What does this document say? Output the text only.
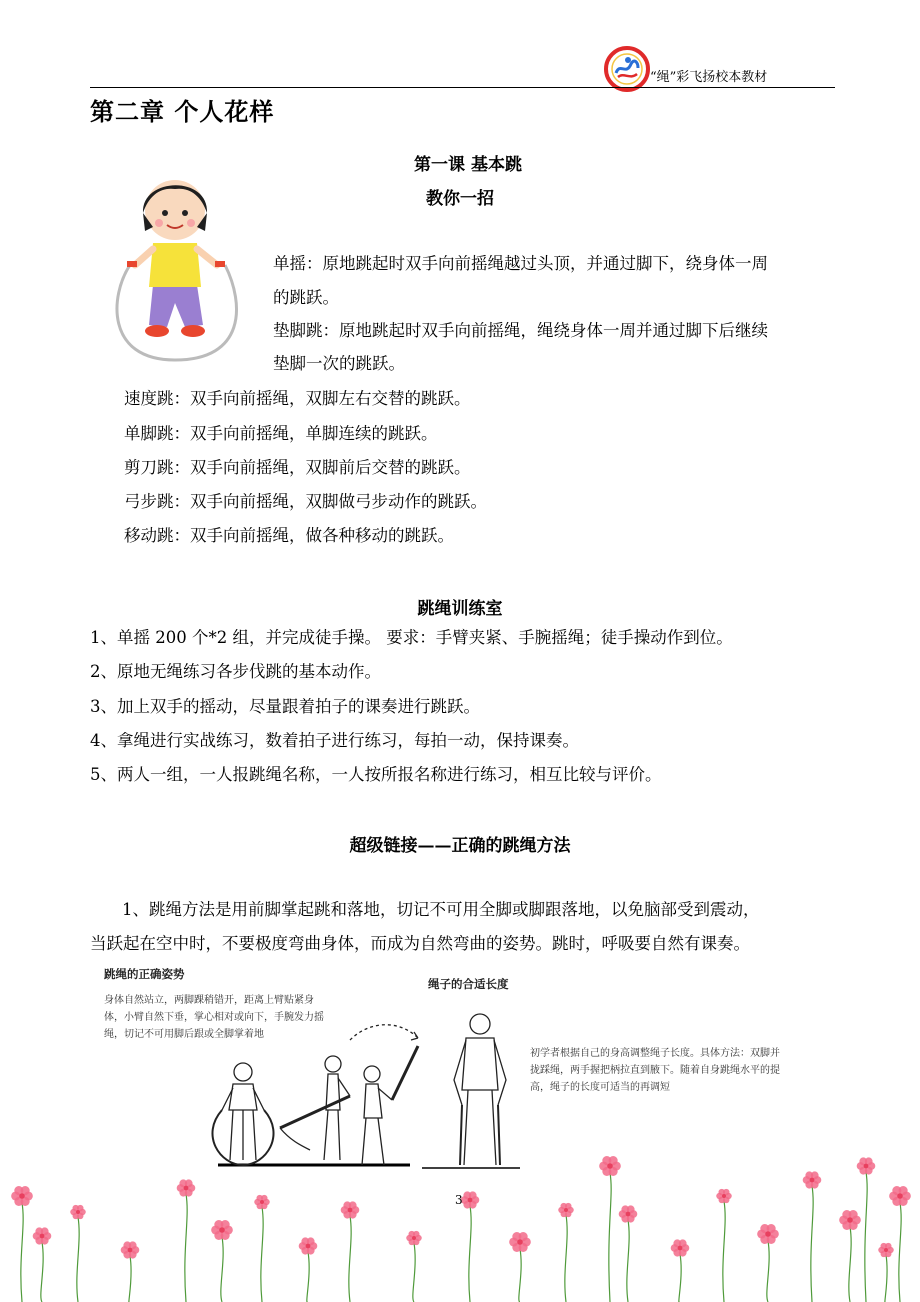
“绳”彩飞扬校本教材
第二章 个人花样
第一课 基本跳
教你一招
单摇：原地跳起时双手向前摇绳越过头顶，并通过脚下，绕身体一周
的跳跃。
垫脚跳：原地跳起时双手向前摇绳，绳绕身体一周并通过脚下后继续
垫脚一次的跳跃。
速度跳：双手向前摇绳，双脚左右交替的跳跃。
单脚跳：双手向前摇绳，单脚连续的跳跃。
剪刀跳：双手向前摇绳，双脚前后交替的跳跃。
弓步跳：双手向前摇绳，双脚做弓步动作的跳跃。
移动跳：双手向前摇绳，做各种移动的跳跃。
跳绳训练室
1、单摇 200 个*2 组，并完成徒手操。 要求：手臂夹紧、手腕摇绳；徒手操动作到位。
2、原地无绳练习各步伐跳的基本动作。
3、加上双手的摇动，尽量跟着拍子的课奏进行跳跃。
4、拿绳进行实战练习，数着拍子进行练习，每拍一动，保持课奏。
5、两人一组，一人报跳绳名称，一人按所报名称进行练习，相互比较与评价。
超级链接——正确的跳绳方法
1、跳绳方法是用前脚掌起跳和落地，切记不可用全脚或脚跟落地，以免脑部受到震动，
当跃起在空中时，不要极度弯曲身体，而成为自然弯曲的姿势。跳时，呼吸要自然有课奏。
跳绳的正确姿势
身体自然站立，两脚踝稍错开，距离上臂贴紧身
体，小臂自然下垂，掌心相对或向下，手腕发力摇
绳，切记不可用脚后跟或全脚掌着地
绳子的合适长度
初学者根据自己的身高调整绳子长度。具体方法：双脚并
拢踩绳，两手握把柄拉直到腋下。随着自身跳绳水平的提
高，绳子的长度可适当的再调短
3
